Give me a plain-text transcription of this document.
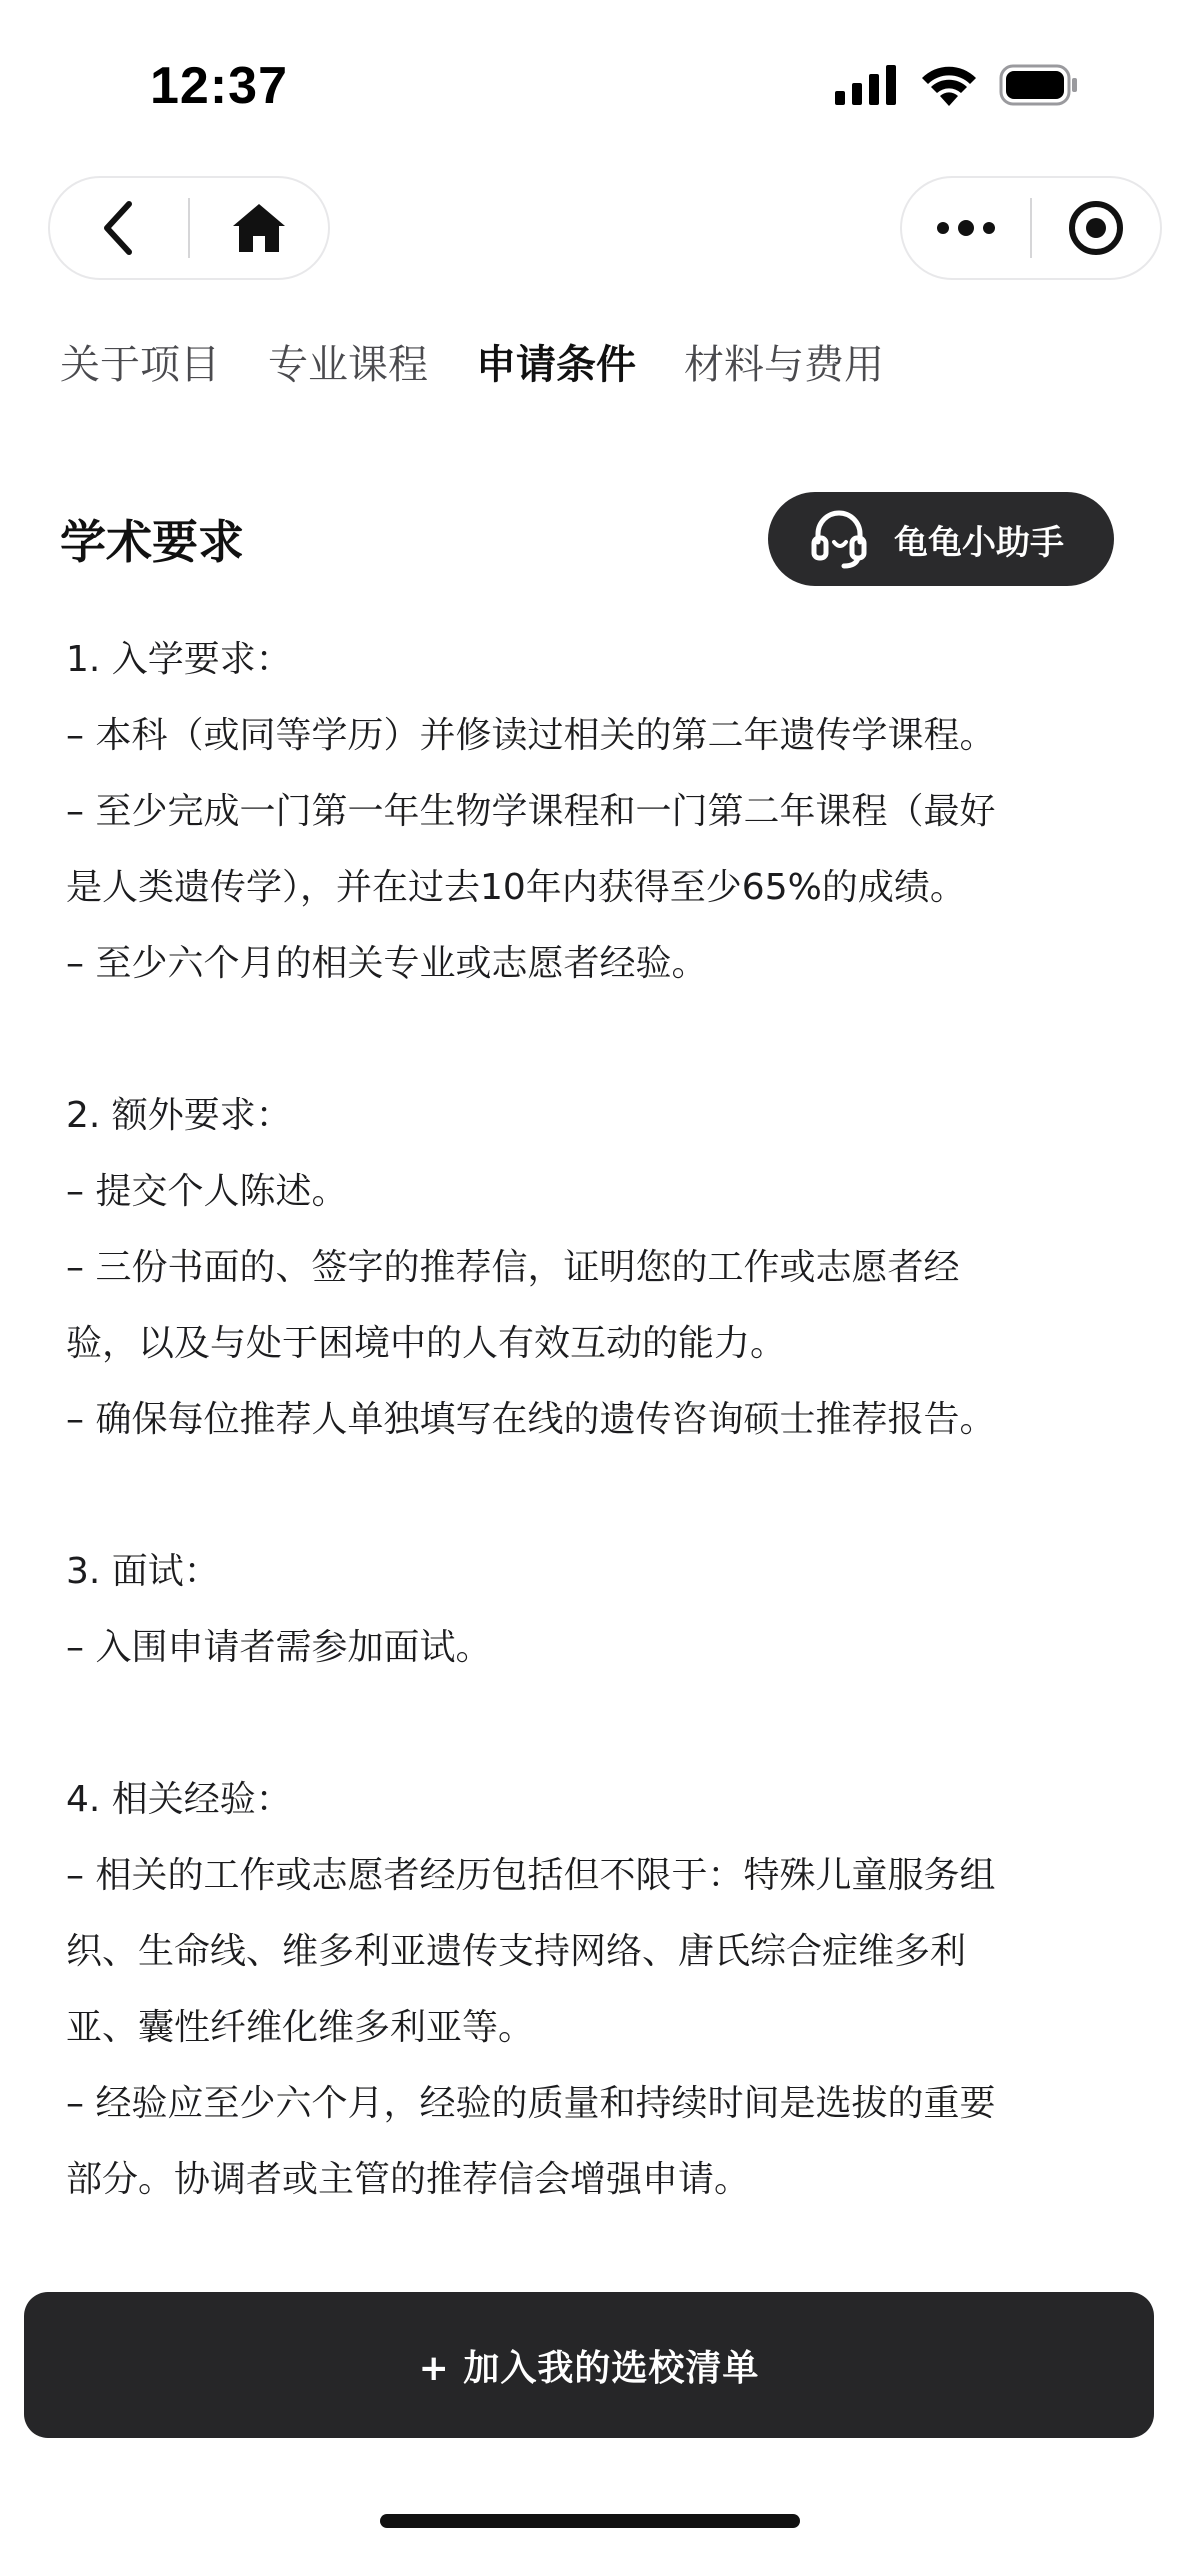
12:37
关于项目 专业课程 申请条件 材料与费用
学术要求	龟龟小助手
1. 入学要求：
– 本科（或同等学历）并修读过相关的第二年遗传学课程。
– 至少完成一门第一年生物学课程和一门第二年课程（最好
是人类遗传学），并在过去10年内获得至少65%的成绩。
– 至少六个月的相关专业或志愿者经验。
2. 额外要求：
– 提交个人陈述。
– 三份书面的、签字的推荐信，证明您的工作或志愿者经
验，以及与处于困境中的人有效互动的能力。
– 确保每位推荐人单独填写在线的遗传咨询硕士推荐报告。
3. 面试：
– 入围申请者需参加面试。
4. 相关经验：
– 相关的工作或志愿者经历包括但不限于：特殊儿童服务组
织、生命线、维多利亚遗传支持网络、唐氏综合症维多利
亚、囊性纤维化维多利亚等。
– 经验应至少六个月，经验的质量和持续时间是选拔的重要
部分。协调者或主管的推荐信会增强申请。
+ 加入我的选校清单
